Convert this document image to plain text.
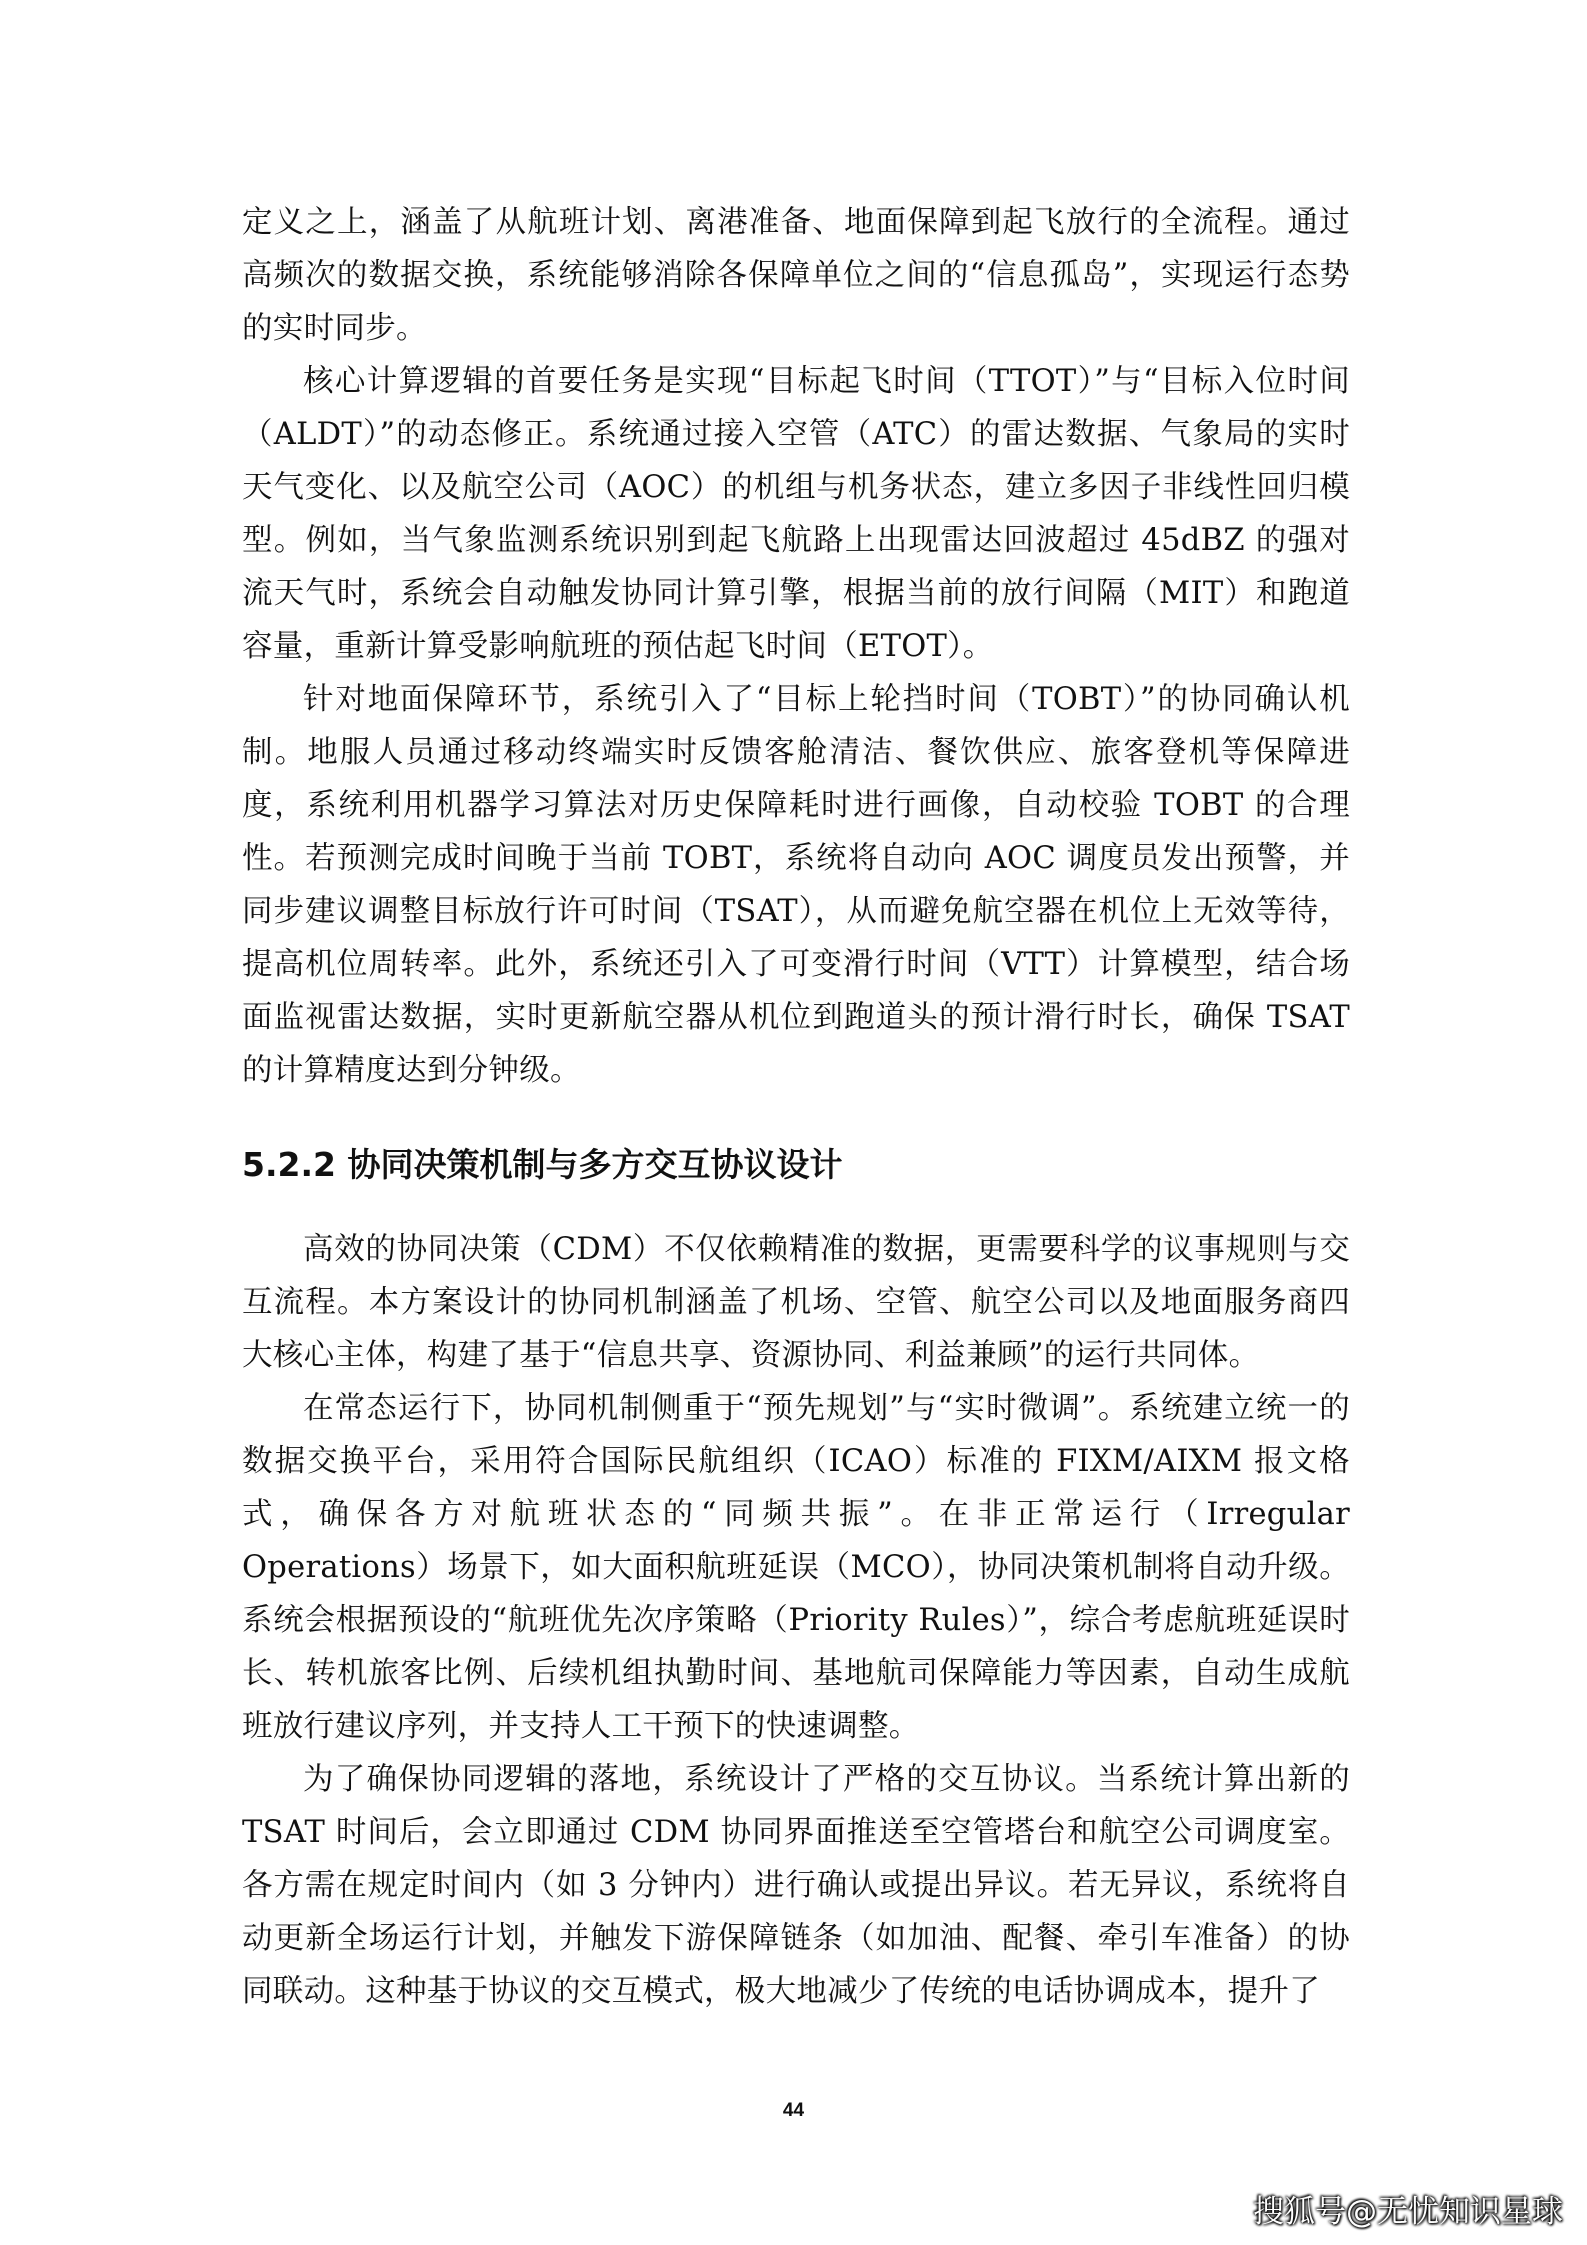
定义之上，涵盖了从航班计划、离港准备、地面保障到起飞放行的全流程。通过高频次的数据交换，系统能够消除各保障单位之间的“信息孤岛”，实现运行态势的实时同步。

核心计算逻辑的首要任务是实现“目标起飞时间（TTOT）”与“目标入位时间（ALDT）”的动态修正。系统通过接入空管（ATC）的雷达数据、气象局的实时天气变化、以及航空公司（AOC）的机组与机务状态，建立多因子非线性回归模型。例如，当气象监测系统识别到起飞航路上出现雷达回波超过 45dBZ 的强对流天气时，系统会自动触发协同计算引擎，根据当前的放行间隔（MIT）和跑道容量，重新计算受影响航班的预估起飞时间（ETOT）。

针对地面保障环节，系统引入了“目标上轮挡时间（TOBT）”的协同确认机制。地服人员通过移动终端实时反馈客舱清洁、餐饮供应、旅客登机等保障进度，系统利用机器学习算法对历史保障耗时进行画像，自动校验 TOBT 的合理性。若预测完成时间晚于当前 TOBT，系统将自动向 AOC 调度员发出预警，并同步建议调整目标放行许可时间（TSAT），从而避免航空器在机位上无效等待，提高机位周转率。此外，系统还引入了可变滑行时间（VTT）计算模型，结合场面监视雷达数据，实时更新航空器从机位到跑道头的预计滑行时长，确保 TSAT 的计算精度达到分钟级。

5.2.2 协同决策机制与多方交互协议设计

高效的协同决策（CDM）不仅依赖精准的数据，更需要科学的议事规则与交互流程。本方案设计的协同机制涵盖了机场、空管、航空公司以及地面服务商四大核心主体，构建了基于“信息共享、资源协同、利益兼顾”的运行共同体。

在常态运行下，协同机制侧重于“预先规划”与“实时微调”。系统建立统一的数据交换平台，采用符合国际民航组织（ICAO）标准的 FIXM/AIXM 报文格式，确保各方对航班状态的“同频共振”。在非正常运行（Irregular Operations）场景下，如大面积航班延误（MCO），协同决策机制将自动升级。系统会根据预设的“航班优先次序策略（Priority Rules）”，综合考虑航班延误时长、转机旅客比例、后续机组执勤时间、基地航司保障能力等因素，自动生成航班放行建议序列，并支持人工干预下的快速调整。

为了确保协同逻辑的落地，系统设计了严格的交互协议。当系统计算出新的 TSAT 时间后，会立即通过 CDM 协同界面推送至空管塔台和航空公司调度室。各方需在规定时间内（如 3 分钟内）进行确认或提出异议。若无异议，系统将自动更新全场运行计划，并触发下游保障链条（如加油、配餐、牵引车准备）的协同联动。这种基于协议的交互模式，极大地减少了传统的电话协调成本，提升了

44
搜狐号@无忧知识星球
